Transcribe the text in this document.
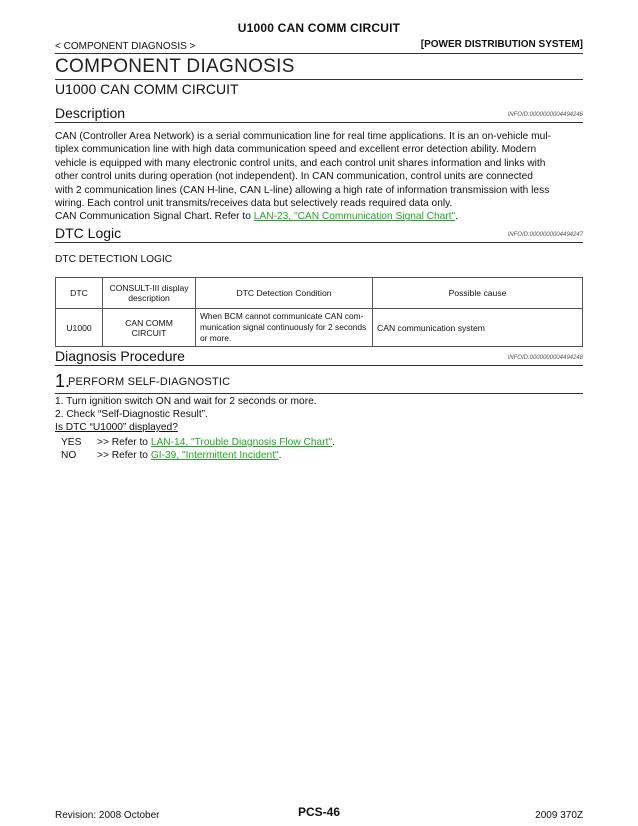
U1000 CAN COMM CIRCUIT
< COMPONENT DIAGNOSIS >	[POWER DISTRIBUTION SYSTEM]
COMPONENT DIAGNOSIS
U1000 CAN COMM CIRCUIT
Description	INFOID:0000000004494246
CAN (Controller Area Network) is a serial communication line for real time applications. It is an on-vehicle mul-
tiplex communication line with high data communication speed and excellent error detection ability. Modern
vehicle is equipped with many electronic control units, and each control unit shares information and links with
other control units during operation (not independent). In CAN communication, control units are connected
with 2 communication lines (CAN H-line, CAN L-line) allowing a high rate of information transmission with less
wiring. Each control unit transmits/receives data but selectively reads required data only.
CAN Communication Signal Chart. Refer to LAN-23, "CAN Communication Signal Chart".
DTC Logic	INFOID:0000000004494247
DTC DETECTION LOGIC
DTC	CONSULT-III display description	DTC Detection Condition	Possible cause
U1000	CAN COMM CIRCUIT	When BCM cannot communicate CAN com-
munication signal continuously for 2 seconds
or more.	CAN communication system
Diagnosis Procedure	INFOID:0000000004494248
1.
PERFORM SELF-DIAGNOSTIC
1. Turn ignition switch ON and wait for 2 seconds or more.
2. Check “Self-Diagnostic Result”.
Is DTC “U1000” displayed?
YES >> Refer to LAN-14, "Trouble Diagnosis Flow Chart".
NO >> Refer to GI-39, "Intermittent Incident".
Revision: 2008 October	PCS-46	2009 370Z
